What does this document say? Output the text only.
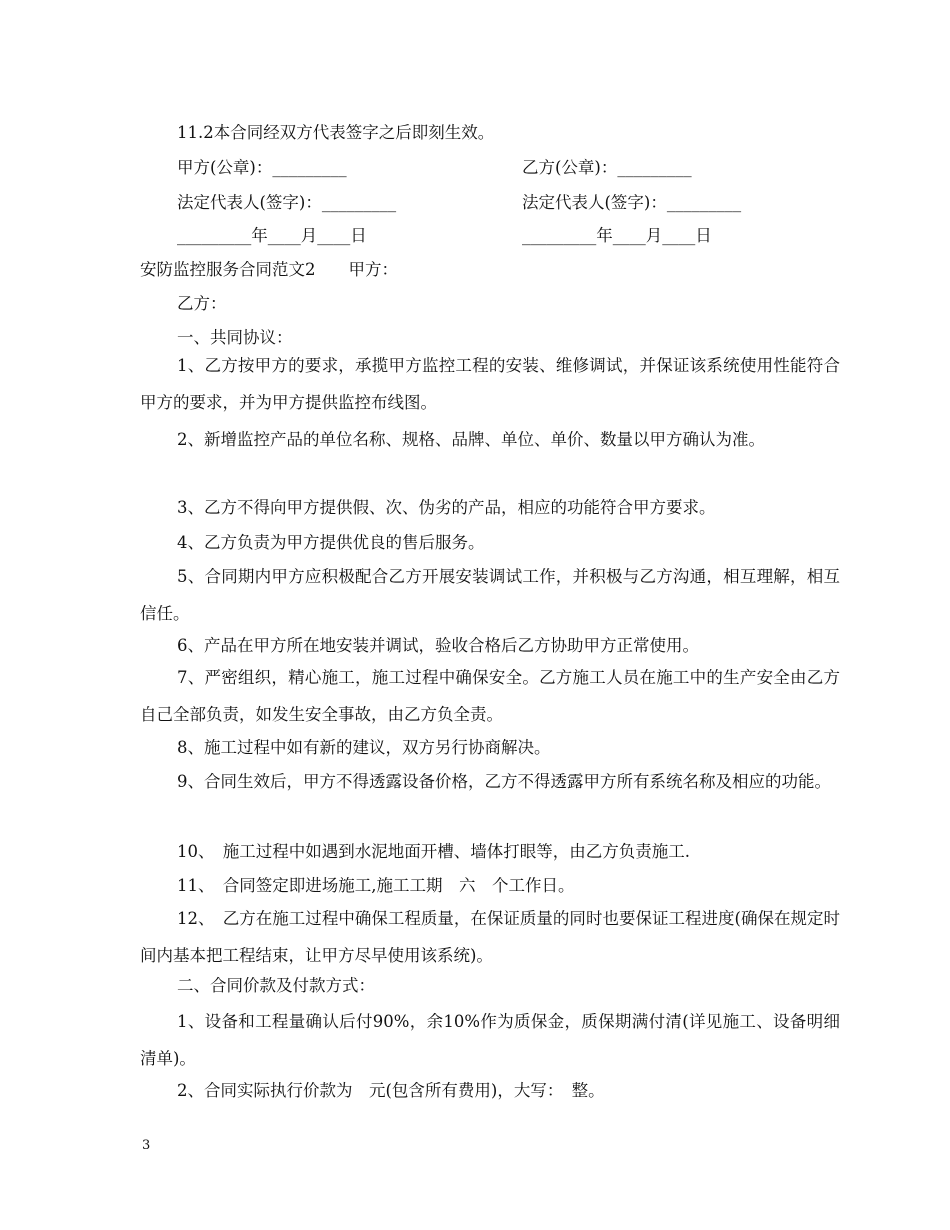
11.2本合同经双方代表签字之后即刻生效。
甲方(公章)：_________	乙方(公章)：_________
法定代表人(签字)：_________	法定代表人(签字)：_________
_________年____月____日	_________年____月____日
安防监控服务合同范文2　　甲方：
乙方：
一、共同协议：
1、乙方按甲方的要求，承揽甲方监控工程的安装、维修调试，并保证该系统使用性能符合甲方的要求，并为甲方提供监控布线图。
2、新增监控产品的单位名称、规格、品牌、单位、单价、数量以甲方确认为准。
3、乙方不得向甲方提供假、次、伪劣的产品，相应的功能符合甲方要求。
4、乙方负责为甲方提供优良的售后服务。
5、合同期内甲方应积极配合乙方开展安装调试工作，并积极与乙方沟通，相互理解，相互信任。
6、产品在甲方所在地安装并调试，验收合格后乙方协助甲方正常使用。
7、严密组织，精心施工，施工过程中确保安全。乙方施工人员在施工中的生产安全由乙方自己全部负责，如发生安全事故，由乙方负全责。
8、施工过程中如有新的建议，双方另行协商解决。
9、合同生效后，甲方不得透露设备价格，乙方不得透露甲方所有系统名称及相应的功能。
10、　施工过程中如遇到水泥地面开槽、墙体打眼等，由乙方负责施工.
11、　合同签定即进场施工,施工工期　六　个工作日。
12、　乙方在施工过程中确保工程质量，在保证质量的同时也要保证工程进度(确保在规定时间内基本把工程结束，让甲方尽早使用该系统)。
二、合同价款及付款方式：
1、设备和工程量确认后付90%，余10%作为质保金，质保期满付清(详见施工、设备明细清单)。
2、合同实际执行价款为　元(包含所有费用)，大写：　整。
3
